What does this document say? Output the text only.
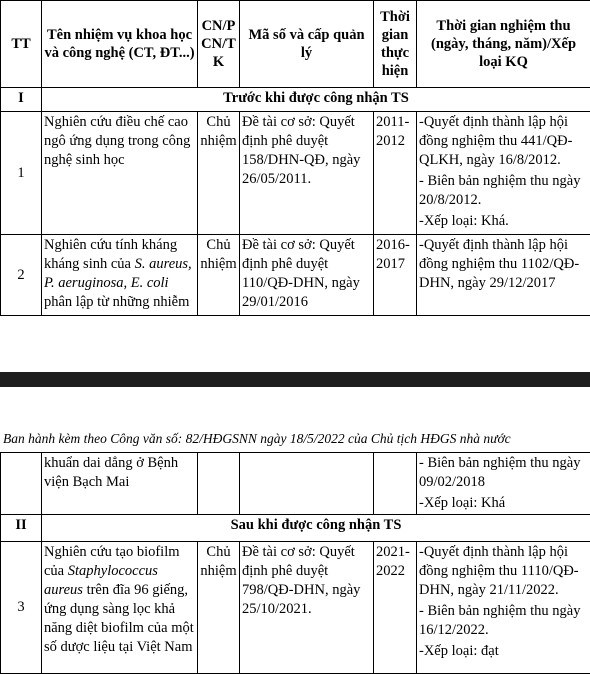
TT	Tên nhiệm vụ khoa học và công nghệ (CT, ĐT...)	CN/P CN/T K	Mã số và cấp quản lý	Thời gian thực hiện	Thời gian nghiệm thu (ngày, tháng, năm)/Xếp loại KQ
I	Trước khi được công nhận TS				
1	Nghiên cứu điều chế cao ngô ứng dụng trong công nghệ sinh học	Chủ nhiệm	Đề tài cơ sở: Quyết định phê duyệt 158/DHN-QĐ, ngày 26/05/2011.	2011-2012	-Quyết định thành lập hội đồng nghiệm thu 441/QĐ-QLKH, ngày 16/8/2012.

- Biên bản nghiệm thu ngày 20/8/2012.

-Xếp loại: Khá.

2	Nghiên cứu tính kháng kháng sinh của S. aureus, P. aeruginosa, E. coli phân lập từ những nhiễm	Chủ nhiệm	Đề tài cơ sở: Quyết định phê duyệt 110/QĐ-DHN, ngày 29/01/2016	2016-2017	-Quyết định thành lập hội đồng nghiệm thu 1102/QĐ-DHN, ngày 29/12/2017

Ban hành kèm theo Công văn số: 82/HĐGSNN ngày 18/5/2022 của Chủ tịch HĐGS nhà nước
	khuẩn dai dẳng ở Bệnh viện Bạch Mai				- Biên bản nghiệm thu ngày 09/02/2018

-Xếp loại: Khá

II	Sau khi được công nhận TS				
3	Nghiên cứu tạo biofilm của Staphylococcus aureus trên đĩa 96 giếng, ứng dụng sàng lọc khả năng diệt biofilm của một số dược liệu tại Việt Nam	Chủ nhiệm	Đề tài cơ sở: Quyết định phê duyệt 798/QĐ-DHN, ngày 25/10/2021.	2021-2022	-Quyết định thành lập hội đồng nghiệm thu 1110/QĐ-DHN, ngày 21/11/2022.

- Biên bản nghiệm thu ngày 16/12/2022.

-Xếp loại: đạt
